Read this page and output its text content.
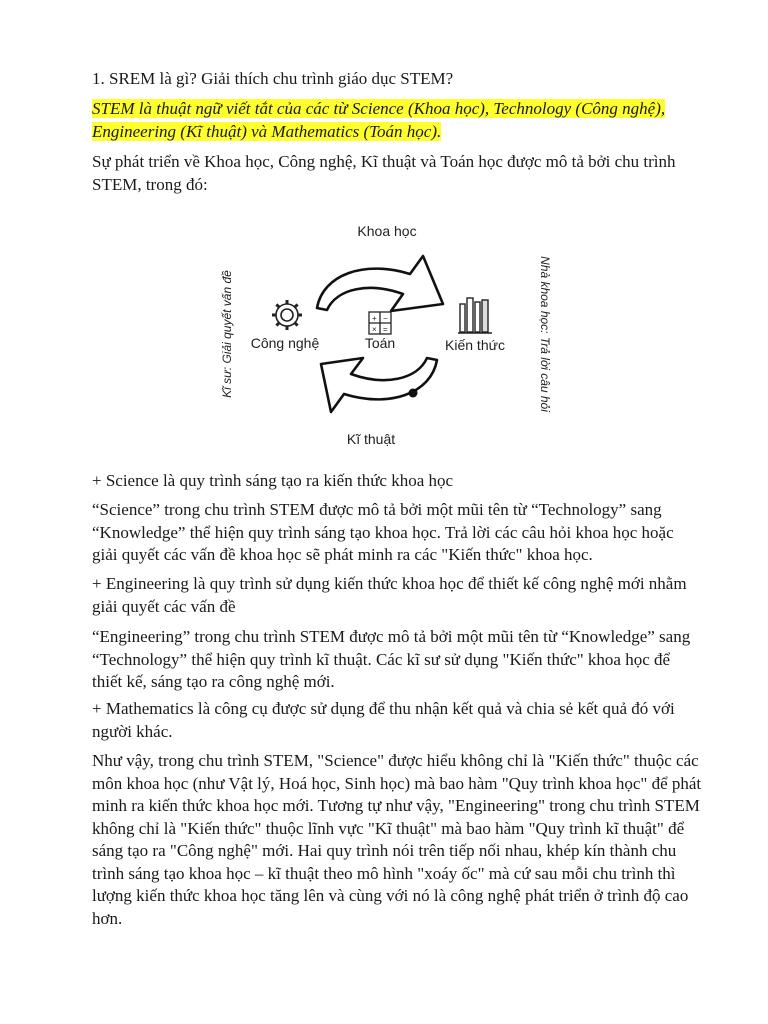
1. SREM là gì? Giải thích chu trình giáo dục STEM?

STEM là thuật ngữ viết tắt của các từ Science (Khoa học), Technology (Công nghệ), Engineering (Kĩ thuật) và Mathematics (Toán học).

Sự phát triển về Khoa học, Công nghệ, Kĩ thuật và Toán học được mô tả bởi chu trình STEM, trong đó:

+ −
× =
Khoa học
Kĩ thuật
Công nghệ	Toán	Kiến thức
Kĩ sư: Giải quyết vấn đề	Nhà khoa học: Trả lời câu hỏi

+ Science là quy trình sáng tạo ra kiến thức khoa học

“Science” trong chu trình STEM được mô tả bởi một mũi tên từ “Technology” sang “Knowledge” thể hiện quy trình sáng tạo khoa học. Trả lời các câu hỏi khoa học hoặc giải quyết các vấn đề khoa học sẽ phát minh ra các "Kiến thức" khoa học.

+ Engineering là quy trình sử dụng kiến thức khoa học để thiết kế công nghệ mới nhằm giải quyết các vấn đề

“Engineering” trong chu trình STEM được mô tả bởi một mũi tên từ “Knowledge” sang “Technology” thể hiện quy trình kĩ thuật. Các kĩ sư sử dụng "Kiến thức" khoa học để thiết kế, sáng tạo ra công nghệ mới.

+ Mathematics là công cụ được sử dụng để thu nhận kết quả và chia sẻ kết quả đó với người khác.

Như vậy, trong chu trình STEM, "Science" được hiểu không chỉ là "Kiến thức" thuộc các môn khoa học (như Vật lý, Hoá học, Sinh học) mà bao hàm "Quy trình khoa học" để phát minh ra kiến thức khoa học mới. Tương tự như vậy, "Engineering" trong chu trình STEM không chỉ là "Kiến thức" thuộc lĩnh vực "Kĩ thuật" mà bao hàm "Quy trình kĩ thuật" để sáng tạo ra "Công nghệ" mới. Hai quy trình nói trên tiếp nối nhau, khép kín thành chu trình sáng tạo khoa học – kĩ thuật theo mô hình "xoáy ốc" mà cứ sau mỗi chu trình thì lượng kiến thức khoa học tăng lên và cùng với nó là công nghệ phát triển ở trình độ cao hơn.
